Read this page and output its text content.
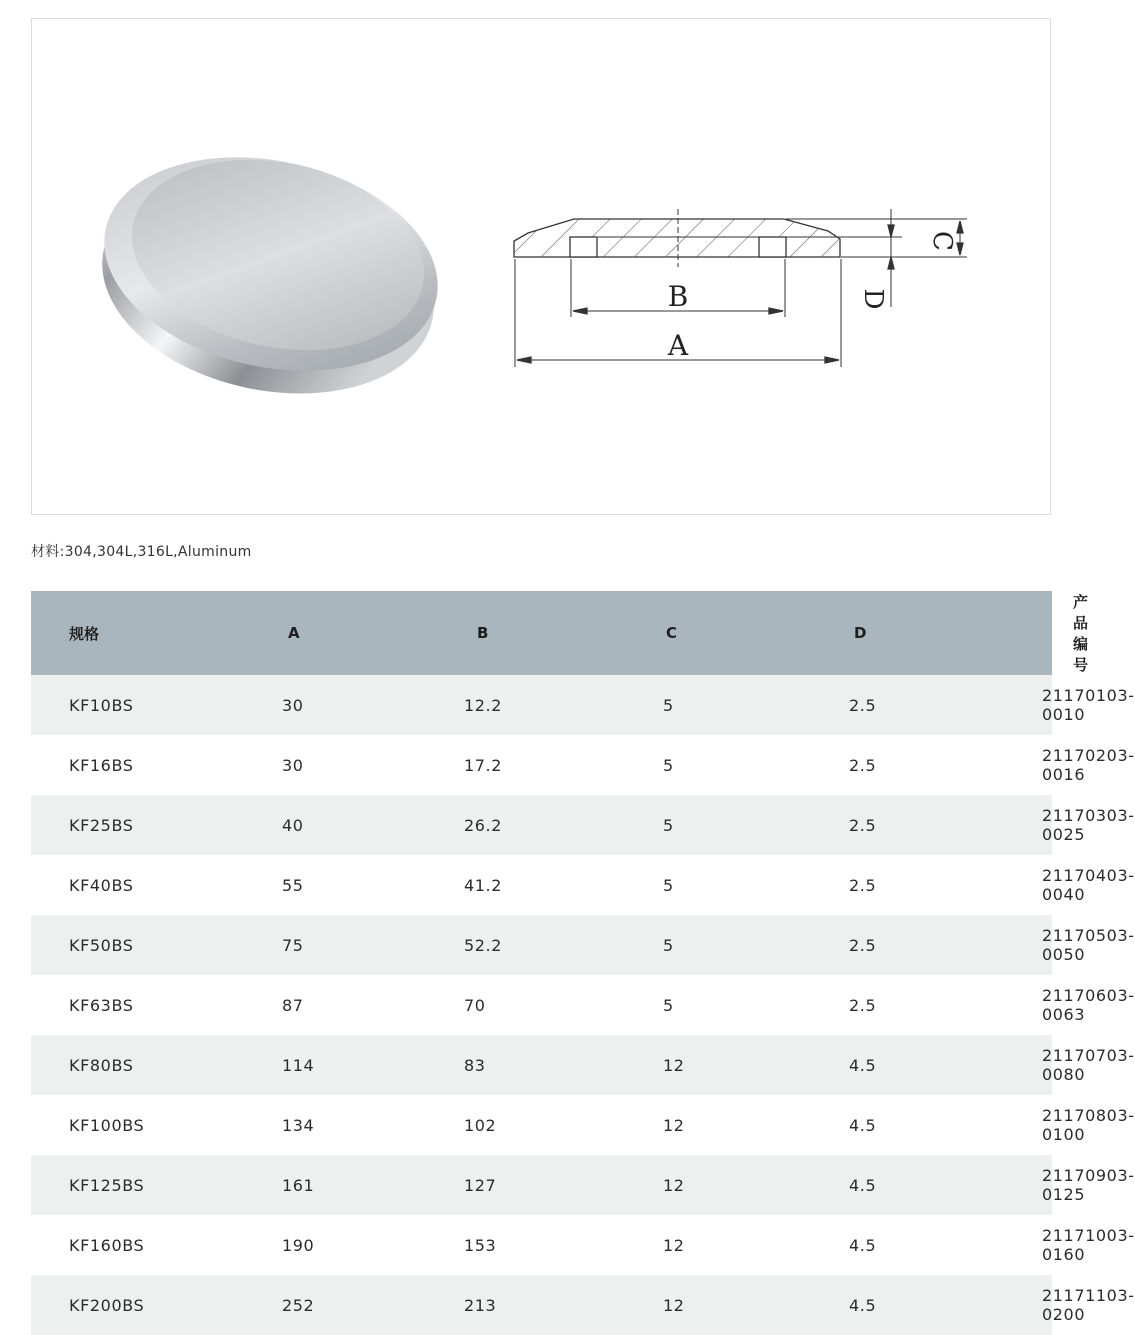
A
B
C
D
材料:304,304L,316L,Aluminum
规格	A	B	C	D	产品编号
KF10BS	30	12.2	5	2.5	21170103-0010
KF16BS	30	17.2	5	2.5	21170203-0016
KF25BS	40	26.2	5	2.5	21170303-0025
KF40BS	55	41.2	5	2.5	21170403-0040
KF50BS	75	52.2	5	2.5	21170503-0050
KF63BS	87	70	5	2.5	21170603-0063
KF80BS	114	83	12	4.5	21170703-0080
KF100BS	134	102	12	4.5	21170803-0100
KF125BS	161	127	12	4.5	21170903-0125
KF160BS	190	153	12	4.5	21171003-0160
KF200BS	252	213	12	4.5	21171103-0200
